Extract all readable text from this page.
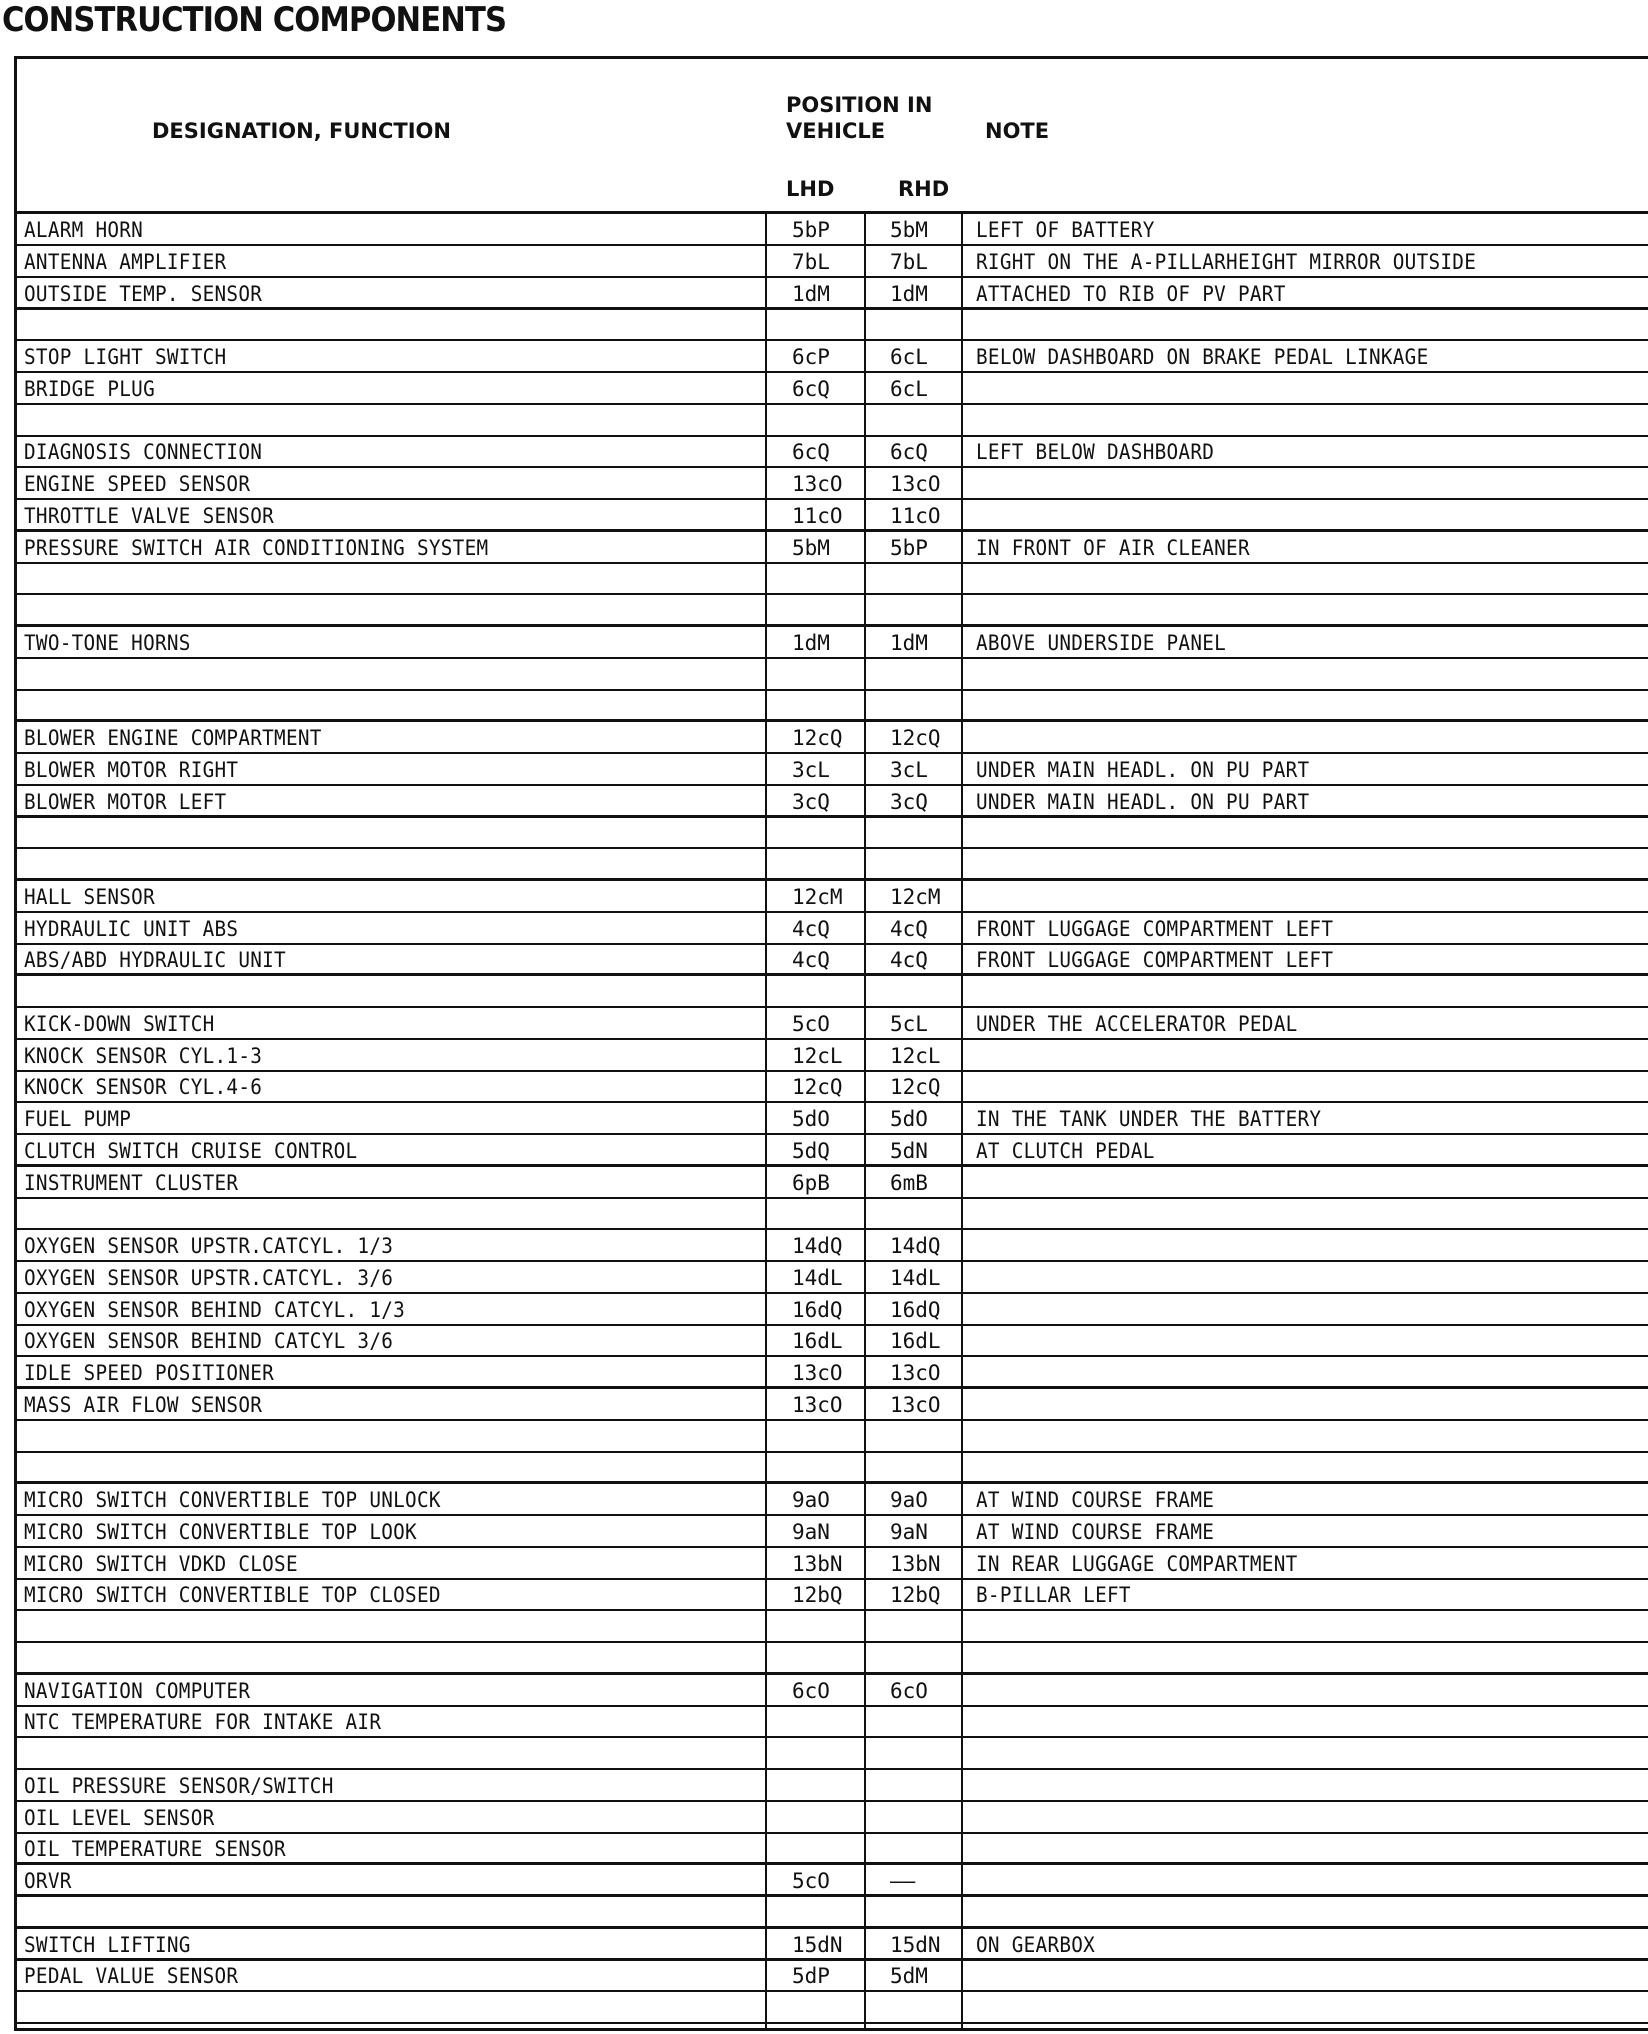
CONSTRUCTION COMPONENTS
DESIGNATION, FUNCTION
POSITION IN
VEHICLE	NOTE
LHD	RHD
ALARM HORN	5bP	5bM LEFT OF BATTERY
ANTENNA AMPLIFIER	7bL	7bL RIGHT ON THE A-PILLARHEIGHT MIRROR OUTSIDE
OUTSIDE TEMP. SENSOR	1dM	1dM ATTACHED TO RIB OF PV PART
STOP LIGHT SWITCH	6cP	6cL BELOW DASHBOARD ON BRAKE PEDAL LINKAGE
BRIDGE PLUG	6cQ	6cL
DIAGNOSIS CONNECTION	6cQ	6cQ LEFT BELOW DASHBOARD
ENGINE SPEED SENSOR	13cO 13cO
THROTTLE VALVE SENSOR	11cO 11cO
PRESSURE SWITCH AIR CONDITIONING SYSTEM	5bM	5bP IN FRONT OF AIR CLEANER
TWO-TONE HORNS	1dM	1dM ABOVE UNDERSIDE PANEL
BLOWER ENGINE COMPARTMENT	12cQ 12cQ
BLOWER MOTOR RIGHT	3cL	3cL UNDER MAIN HEADL. ON PU PART
BLOWER MOTOR LEFT	3cQ	3cQ UNDER MAIN HEADL. ON PU PART
HALL SENSOR	12cM 12cM
HYDRAULIC UNIT ABS	4cQ	4cQ FRONT LUGGAGE COMPARTMENT LEFT
ABS/ABD HYDRAULIC UNIT	4cQ	4cQ FRONT LUGGAGE COMPARTMENT LEFT
KICK-DOWN SWITCH	5cO	5cL UNDER THE ACCELERATOR PEDAL
KNOCK SENSOR CYL.1-3	12cL 12cL
KNOCK SENSOR CYL.4-6	12cQ 12cQ
FUEL PUMP	5dO	5dO IN THE TANK UNDER THE BATTERY
CLUTCH SWITCH CRUISE CONTROL	5dQ	5dN AT CLUTCH PEDAL
INSTRUMENT CLUSTER	6pB	6mB
OXYGEN SENSOR UPSTR.CATCYL. 1/3	14dQ 14dQ
OXYGEN SENSOR UPSTR.CATCYL. 3/6	14dL 14dL
OXYGEN SENSOR BEHIND CATCYL. 1/3	16dQ 16dQ
OXYGEN SENSOR BEHIND CATCYL 3/6	16dL 16dL
IDLE SPEED POSITIONER	13cO 13cO
MASS AIR FLOW SENSOR	13cO 13cO
MICRO SWITCH CONVERTIBLE TOP UNLOCK	9aO	9aO AT WIND COURSE FRAME
MICRO SWITCH CONVERTIBLE TOP LOOK	9aN	9aN AT WIND COURSE FRAME
MICRO SWITCH VDKD CLOSE	13bN 13bN IN REAR LUGGAGE COMPARTMENT
MICRO SWITCH CONVERTIBLE TOP CLOSED	12bQ 12bQ B-PILLAR LEFT
NAVIGATION COMPUTER	6cO	6cO
NTC TEMPERATURE FOR INTAKE AIR
OIL PRESSURE SENSOR/SWITCH
OIL LEVEL SENSOR
OIL TEMPERATURE SENSOR
ORVR	5cO	——
SWITCH LIFTING	15dN 15dN ON GEARBOX
PEDAL VALUE SENSOR	5dP	5dM
